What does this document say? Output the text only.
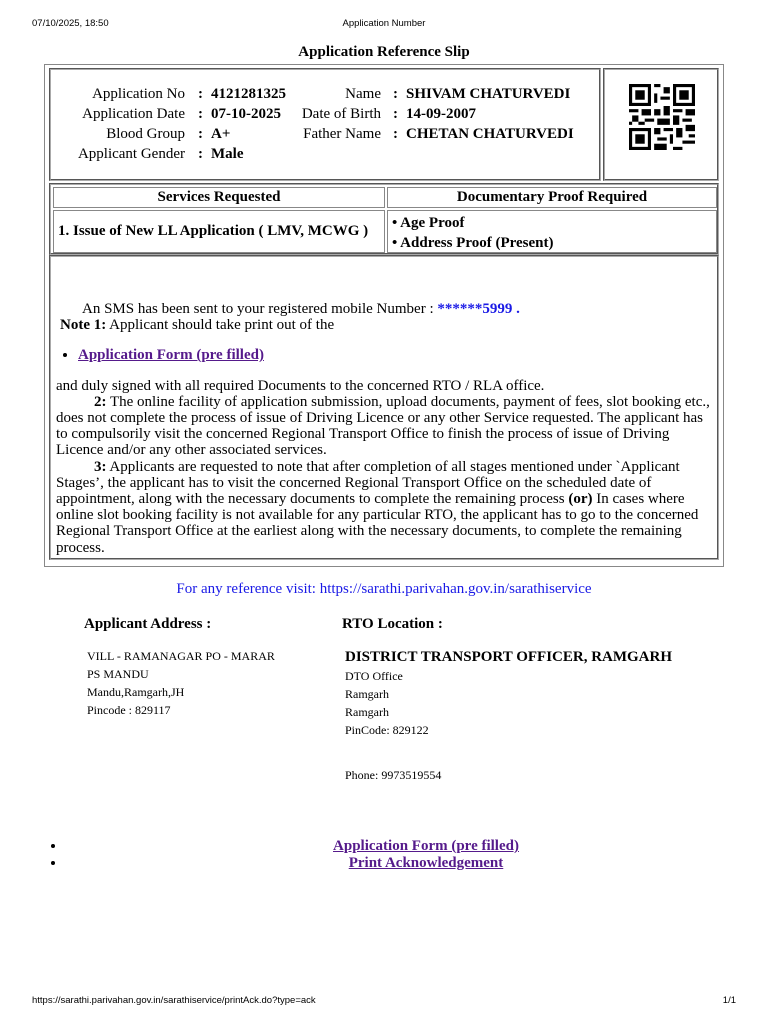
07/10/2025, 18:50	Application Number
Application Reference Slip
Application No : 4121281325
Application Date : 07-10-2025
Blood Group : A+
Applicant Gender : Male
Name : SHIVAM CHATURVEDI
Date of Birth : 14-09-2007
Father Name : CHETAN CHATURVEDI
Services Requested	Documentary Proof Required
1. Issue of New LL Application ( LMV, MCWG )	• Age Proof
• Address Proof (Present)
An SMS has been sent to your registered mobile Number : ******5999 .
Note 1: Applicant should take print out of the
• Application Form (pre filled)
and duly signed with all required Documents to the concerned RTO / RLA office.
2: The online facility of application submission, upload documents, payment of fees, slot booking etc., does not complete the process of issue of Driving Licence or any other Service requested. The applicant has to compulsorily visit the concerned Regional Transport Office to finish the process of issue of Driving Licence and/or any other associated services.
3: Applicants are requested to note that after completion of all stages mentioned under `Applicant Stages’, the applicant has to visit the concerned Regional Transport Office on the scheduled date of appointment, along with the necessary documents to complete the remaining process (or) In cases where online slot booking facility is not available for any particular RTO, the applicant has to go to the concerned Regional Transport Office at the earliest along with the necessary documents, to complete the remaining process.
For any reference visit: https://sarathi.parivahan.gov.in/sarathiservice
Applicant Address :
VILL - RAMANAGAR PO - MARAR
PS MANDU
Mandu,Ramgarh,JH
Pincode : 829117
RTO Location :
DISTRICT TRANSPORT OFFICER, RAMGARH
DTO Office
Ramgarh
Ramgarh
PinCode: 829122
Phone: 9973519554
• Application Form (pre filled)
• Print Acknowledgement
https://sarathi.parivahan.gov.in/sarathiservice/printAck.do?type=ack	1/1
